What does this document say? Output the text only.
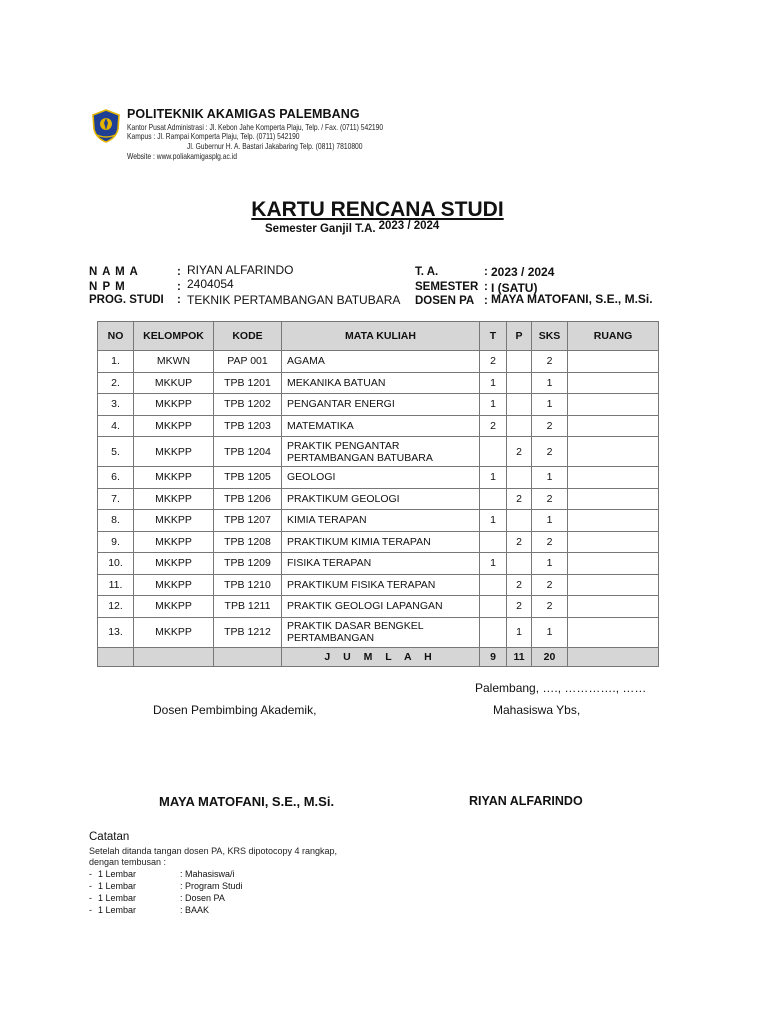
POLITEKNIK AKAMIGAS PALEMBANG
Kantor Pusat Administrasi : Jl. Kebon Jahe Komperta Plaju, Telp. / Fax. (0711) 542190
Kampus : Jl. Rampai Komperta Plaju, Telp. (0711) 542190
Jl. Gubernur H. A. Bastari Jakabaring Telp. (0811) 7810800
Website : www.poliakamigasplg.ac.id
KARTU RENCANA STUDI
Semester Ganjil T.A. 2023 / 2024
N A M A	: RIYAN ALFARINDO
N P M	: 2404054
PROG. STUDI : TEKNIK PERTAMBANGAN BATUBARA
T. A.	: 2023 / 2024
SEMESTER : I (SATU)
DOSEN PA : MAYA MATOFANI, S.E., M.Si.
NO	KELOMPOK	KODE	MATA KULIAH	T	P	SKS	RUANG
1.	MKWN	PAP 001	AGAMA	2		2	
2.	MKKUP	TPB 1201	MEKANIKA BATUAN	1		1	
3.	MKKPP	TPB 1202	PENGANTAR ENERGI	1		1	
4.	MKKPP	TPB 1203	MATEMATIKA	2		2	
5.	MKKPP	TPB 1204	PRAKTIK PENGANTAR
PERTAMBANGAN BATUBARA		2	2	
6.	MKKPP	TPB 1205	GEOLOGI	1		1	
7.	MKKPP	TPB 1206	PRAKTIKUM GEOLOGI		2	2	
8.	MKKPP	TPB 1207	KIMIA TERAPAN	1		1	
9.	MKKPP	TPB 1208	PRAKTIKUM KIMIA TERAPAN		2	2	
10.	MKKPP	TPB 1209	FISIKA TERAPAN	1		1	
11.	MKKPP	TPB 1210	PRAKTIKUM FISIKA TERAPAN		2	2	
12.	MKKPP	TPB 1211	PRAKTIK GEOLOGI LAPANGAN		2	2	
13.	MKKPP	TPB 1212	PRAKTIK DASAR BENGKEL
PERTAMBANGAN		1	1	
			J U M L A H	9	11	20	
Palembang, …., …………., ……
Dosen Pembimbing Akademik,	Mahasiswa Ybs,
MAYA MATOFANI, S.E., M.Si.	RIYAN ALFARINDO
Catatan
Setelah ditanda tangan dosen PA, KRS dipotocopy 4 rangkap,
dengan tembusan :
- 1 Lembar	: Mahasiswa/i
- 1 Lembar	: Program Studi
- 1 Lembar	: Dosen PA
- 1 Lembar	: BAAK
